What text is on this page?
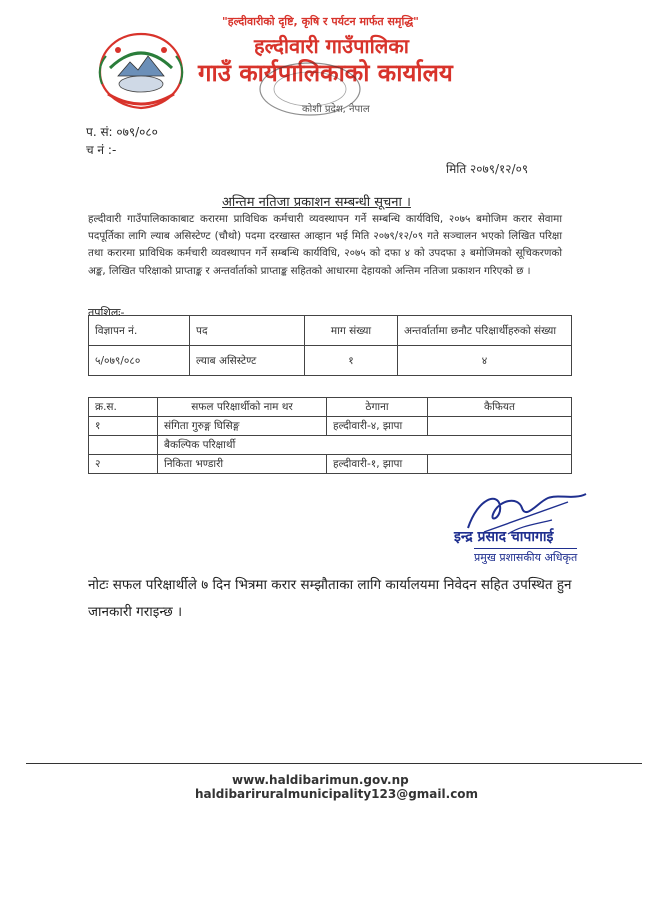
"हल्दीवारीको दृष्टि, कृषि र पर्यटन मार्फत समृद्धि"
हल्दीवारी गाउँपालिका
गाउँ कार्यपालिकाको कार्यालय
कोशी प्रदेश, नेपाल
प. सं: ०७९/०८०
च नं :-
मिति २०७९/१२/०९
अन्तिम नतिजा प्रकाशन सम्बन्धी सूचना ।
हल्दीवारी गाउँपालिकाकाबाट करारमा प्राविधिक कर्मचारी व्यवस्थापन गर्ने सम्बन्धि कार्यविधि, २०७५ बमोजिम करार सेवामा पदपूर्तिका लागि ल्याब असिस्टेण्ट (चौथो) पदमा दरखास्त आव्हान भई मिति २०७९/१२/०९ गते सञ्चालन भएको लिखित परिक्षा तथा करारमा प्राविधिक कर्मचारी व्यवस्थापन गर्ने सम्बन्धि कार्यविधि, २०७५ को दफा ४ को उपदफा ३ बमोजिमको सूचिकरणको अङ्क, लिखित परिक्षाको प्राप्ताङ्क र अन्तर्वार्ताको प्राप्ताङ्क सहितको आधारमा देहायको अन्तिम नतिजा प्रकाशन गरिएको छ ।
तपशिलः-
विज्ञापन नं.	पद	माग संख्या	अन्तर्वार्तामा छनौट परिक्षार्थीहरुको संख्या
५/०७९/०८०	ल्याब असिस्टेण्ट	१	४
क्र.स.	सफल परिक्षार्थीको नाम थर	ठेगाना	कैफियत
१	संगिता गुरुङ्ग घिसिङ्ग	हल्दीवारी-४, झापा	
	बैकल्पिक परिक्षार्थी		
२	निकिता भण्डारी	हल्दीवारी-१, झापा	
इन्द्र प्रसाद चापागाई
प्रमुख प्रशासकीय अधिकृत
नोटः सफल परिक्षार्थीले ७ दिन भित्रमा करार सम्झौताका लागि कार्यालयमा निवेदन सहित उपस्थित हुन जानकारी गराइन्छ ।
www.haldibarimun.gov.np
haldibariruralmunicipality123@gmail.com
